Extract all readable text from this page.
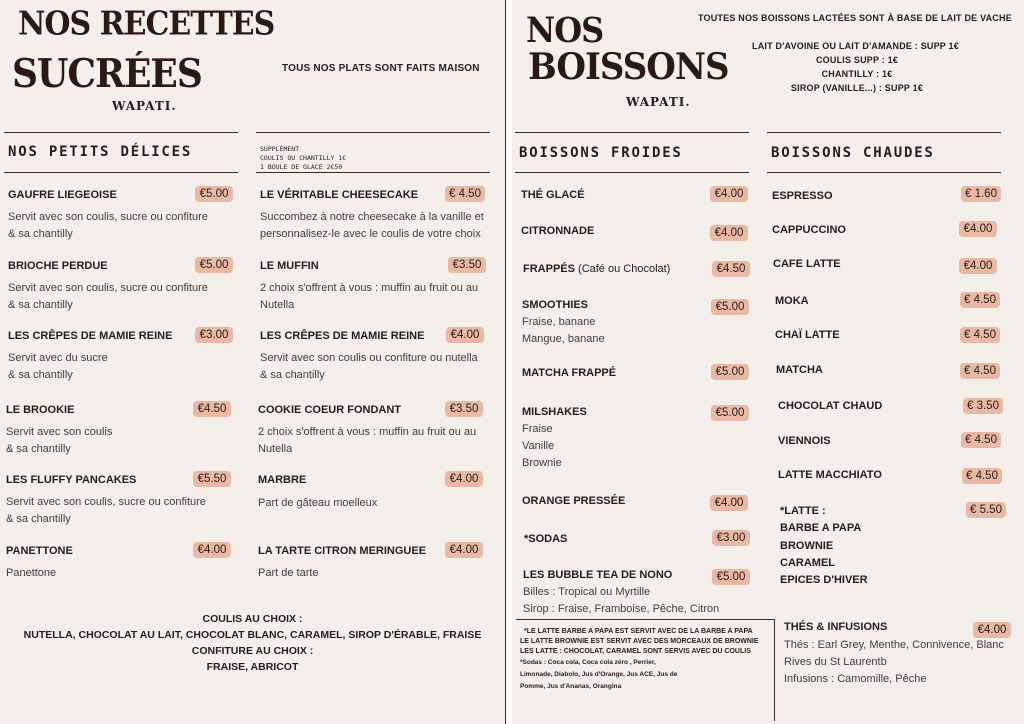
NOS RECETTES
SUCRÉES
WAPATI.
TOUS NOS PLATS SONT FAITS MAISON
NOS PETITS DÉLICES	SUPPLÉMENT
COULIS OU CHANTILLY 1€
1 BOULE DE GLACE 2€50
GAUFRE LIEGEOISE	€5.00
Servit avec son coulis, sucre ou confiture
& sa chantilly
BRIOCHE PERDUE	€5.00
Servit avec son coulis, sucre ou confiture
& sa chantilly
LES CRÊPES DE MAMIE REINE	€3.00
Servit avec du sucre
& sa chantilly
LE BROOKIE	€4.50
Servit avec son coulis
& sa chantilly
LES FLUFFY PANCAKES	€5.50
Servit avec son coulis, sucre ou confiture
& sa chantilly
PANETTONE	€4.00
Panettone
LE VÉRITABLE CHEESECAKE	€ 4.50
Succombez à notre cheesecake à la vanille et
personnalisez-le avec le coulis de votre choix
LE MUFFIN	€3.50
2 choix s'offrent à vous : muffin au fruit ou au
Nutella
LES CRÊPES DE MAMIE REINE	€4.00
Servit avec son coulis ou confiture ou nutella
& sa chantilly
COOKIE COEUR FONDANT	€3.50
2 choix s'offrent à vous : muffin au fruit ou au
Nutella
MARBRE	€4.00
Part de gâteau moelleux
LA TARTE CITRON MERINGUEE	€4.00
Part de tarte
COULIS AU CHOIX :
NUTELLA, CHOCOLAT AU LAIT, CHOCOLAT BLANC, CARAMEL, SIROP D'ÉRABLE, FRAISE
CONFITURE AU CHOIX :
FRAISE, ABRICOT
NOS
BOISSONS
WAPATI.
TOUTES NOS BOISSONS LACTÉES SONT À BASE DE LAIT DE VACHE
LAIT D'AVOINE OU LAIT D'AMANDE : SUPP 1€
COULIS SUPP : 1€
CHANTILLY : 1€
SIROP (VANILLE...) : SUPP 1€
BOISSONS FROIDES	BOISSONS CHAUDES
THÉ GLACÉ	€4.00
CITRONNADE	€4.00
FRAPPÉS (Café ou Chocolat)	€4.50
SMOOTHIES	€5.00
Fraise, banane
Mangue, banane
MATCHA FRAPPÉ	€5.00
MILSHAKES	€5.00
Fraise
Vanille
Brownie
ORANGE PRESSÉE	€4.00
*SODAS	€3.00
LES BUBBLE TEA DE NONO	€5.00
Billes : Tropical ou Myrtille
Sirop : Fraise, Framboise, Pêche, Citron
*LE LATTE BARBE A PAPA EST SERVIT AVEC DE LA BARBE A PAPA
LE LATTE BROWNIE EST SERVIT AVEC DES MORCEAUX DE BROWNIE
LES LATTE : CHOCOLAT, CARAMEL SONT SERVIS AVEC DU COULIS
*Sodas : Coca cola, Coca cola zéro , Perrier,
Limonade, Diabolo, Jus d'Orange, Jus ACE, Jus de
Pomme, Jus d'Ananas, Orangina
ESPRESSO	€ 1.60
CAPPUCCINO	€4.00
CAFE LATTE	€4.00
MOKA	€ 4.50
CHAÏ LATTE	€ 4.50
MATCHA	€ 4.50
CHOCOLAT CHAUD	€ 3.50
VIENNOIS	€ 4.50
LATTE MACCHIATO	€ 4.50
*LATTE :	€ 5.50
BARBE A PAPA
BROWNIE
CARAMEL
EPICES D'HIVER
THÉS & INFUSIONS	€4.00
Thés : Earl Grey, Menthe, Connivence, Blanc
Rives du St Laurentb
Infusions : Camomille, Pêche
